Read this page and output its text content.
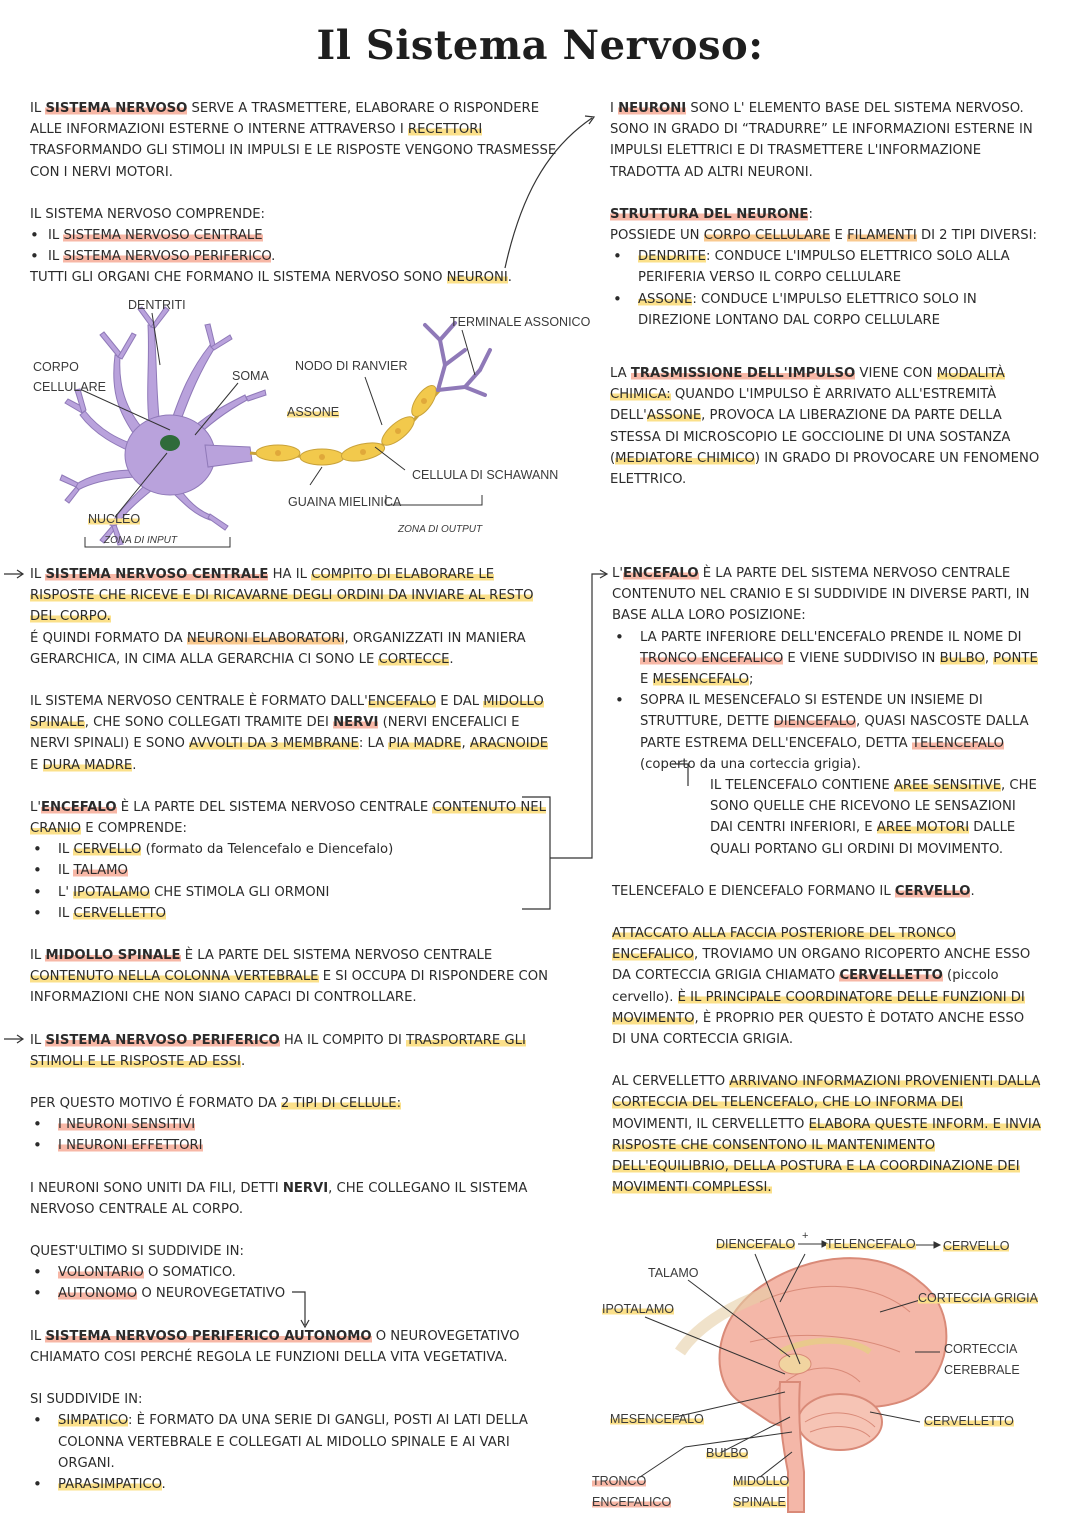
Il Sistema Nervoso:

IL SISTEMA NERVOSO SERVE A TRASMETTERE, ELABORARE O RISPONDERE ALLE INFORMAZIONI ESTERNE O INTERNE ATTRAVERSO I RECETTORI TRASFORMANDO GLI STIMOLI IN IMPULSI E LE RISPOSTE VENGONO TRASMESSE CON I NERVI MOTORI.

IL SISTEMA NERVOSO COMPRENDE:

• IL SISTEMA NERVOSO CENTRALE
• IL SISTEMA NERVOSO PERIFERICO.

TUTTI GLI ORGANI CHE FORMANO IL SISTEMA NERVOSO SONO NEURONI.

DENTRITI
CORPO
CELLULARE
SOMA
NODO DI RANVIER
ASSONE
TERMINALE ASSONICO
CELLULA DI SCHAWANN
GUAINA MIELINICA
NUCLEO
ZONA DI INPUT
ZONA DI OUTPUT

IL SISTEMA NERVOSO CENTRALE HA IL COMPITO DI ELABORARE LE RISPOSTE CHE RICEVE E DI RICAVARNE DEGLI ORDINI DA INVIARE AL RESTO DEL CORPO.

É QUINDI FORMATO DA NEURONI ELABORATORI, ORGANIZZATI IN MANIERA GERARCHICA, IN CIMA ALLA GERARCHIA CI SONO LE CORTECCE.

IL SISTEMA NERVOSO CENTRALE È FORMATO DALL'ENCEFALO E DAL MIDOLLO SPINALE, CHE SONO COLLEGATI TRAMITE DEI NERVI (NERVI ENCEFALICI E NERVI SPINALI) E SONO AVVOLTI DA 3 MEMBRANE: LA PIA MADRE, ARACNOIDE E DURA MADRE.

L'ENCEFALO È LA PARTE DEL SISTEMA NERVOSO CENTRALE CONTENUTO NEL CRANIO E COMPRENDE:

• IL CERVELLO (formato da Telencefalo e Diencefalo)
• IL TALAMO
• L' IPOTALAMO CHE STIMOLA GLI ORMONI
• IL CERVELLETTO

IL MIDOLLO SPINALE È LA PARTE DEL SISTEMA NERVOSO CENTRALE CONTENUTO NELLA COLONNA VERTEBRALE E SI OCCUPA DI RISPONDERE CON INFORMAZIONI CHE NON SIANO CAPACI DI CONTROLLARE.

IL SISTEMA NERVOSO PERIFERICO HA IL COMPITO DI TRASPORTARE GLI STIMOLI E LE RISPOSTE AD ESSI.

PER QUESTO MOTIVO É FORMATO DA 2 TIPI DI CELLULE:

• I NEURONI SENSITIVI
• I NEURONI EFFETTORI

I NEURONI SONO UNITI DA FILI, DETTI NERVI, CHE COLLEGANO IL SISTEMA NERVOSO CENTRALE AL CORPO.

QUEST'ULTIMO SI SUDDIVIDE IN:

• VOLONTARIO O SOMATICO.
• AUTONOMO O NEUROVEGETATIVO

IL SISTEMA NERVOSO PERIFERICO AUTONOMO O NEUROVEGETATIVO CHIAMATO COSI PERCHÉ REGOLA LE FUNZIONI DELLA VITA VEGETATIVA.

SI SUDDIVIDE IN:

• SIMPATICO: È FORMATO DA UNA SERIE DI GANGLI, POSTI AI LATI DELLA COLONNA VERTEBRALE E COLLEGATI AL MIDOLLO SPINALE E AI VARI ORGANI.
• PARASIMPATICO.

I NEURONI SONO L' ELEMENTO BASE DEL SISTEMA NERVOSO. SONO IN GRADO DI “TRADURRE” LE INFORMAZIONI ESTERNE IN IMPULSI ELETTRICI E DI TRASMETTERE L'INFORMAZIONE TRADOTTA AD ALTRI NEURONI.

STRUTTURA DEL NEURONE:

POSSIEDE UN CORPO CELLULARE E FILAMENTI DI 2 TIPI DIVERSI:

• DENDRITE: CONDUCE L'IMPULSO ELETTRICO SOLO ALLA PERIFERIA VERSO IL CORPO CELLULARE
• ASSONE: CONDUCE L'IMPULSO ELETTRICO SOLO IN DIREZIONE LONTANO DAL CORPO CELLULARE

LA TRASMISSIONE DELL'IMPULSO VIENE CON MODALITÀ CHIMICA: QUANDO L'IMPULSO È ARRIVATO ALL'ESTREMITÀ DELL'ASSONE, PROVOCA LA LIBERAZIONE DA PARTE DELLA STESSA DI MICROSCOPIO LE GOCCIOLINE DI UNA SOSTANZA (MEDIATORE CHIMICO) IN GRADO DI PROVOCARE UN FENOMENO ELETTRICO.

L'ENCEFALO È LA PARTE DEL SISTEMA NERVOSO CENTRALE CONTENUTO NEL CRANIO E SI SUDDIVIDE IN DIVERSE PARTI, IN BASE ALLA LORO POSIZIONE:

• LA PARTE INFERIORE DELL'ENCEFALO PRENDE IL NOME DI TRONCO ENCEFALICO E VIENE SUDDIVISO IN BULBO, PONTE E MESENCEFALO;
• SOPRA IL MESENCEFALO SI ESTENDE UN INSIEME DI STRUTTURE, DETTE DIENCEFALO, QUASI NASCOSTE DALLA PARTE ESTREMA DELL'ENCEFALO, DETTA TELENCEFALO (coperto da una corteccia grigia).

IL TELENCEFALO CONTIENE AREE SENSITIVE, CHE SONO QUELLE CHE RICEVONO LE SENSAZIONI DAI CENTRI INFERIORI, E AREE MOTORI DALLE QUALI PORTANO GLI ORDINI DI MOVIMENTO.

TELENCEFALO E DIENCEFALO FORMANO IL CERVELLO.

ATTACCATO ALLA FACCIA POSTERIORE DEL TRONCO ENCEFALICO, TROVIAMO UN ORGANO RICOPERTO ANCHE ESSO DA CORTECCIA GRIGIA CHIAMATO CERVELLETTO (piccolo cervello). È IL PRINCIPALE COORDINATORE DELLE FUNZIONI DI MOVIMENTO, È PROPRIO PER QUESTO È DOTATO ANCHE ESSO DI UNA CORTECCIA GRIGIA.

AL CERVELLETTO ARRIVANO INFORMAZIONI PROVENIENTI DALLA CORTECCIA DEL TELENCEFALO, CHE LO INFORMA DEI MOVIMENTI, IL CERVELLETTO ELABORA QUESTE INFORM. E INVIA RISPOSTE CHE CONSENTONO IL MANTENIMENTO DELL'EQUILIBRIO, DELLA POSTURA E LA COORDINAZIONE DEI MOVIMENTI COMPLESSI.

DIENCEFALO
+
TELENCEFALO CERVELLO
TALAMO
IPOTALAMO
CORTECCIA GRIGIA
CORTECCIA
CEREBRALE
MESENCEFALO	CERVELLETTO
BULBO
TRONCO
ENCEFALICO
MIDOLLO
SPINALE
